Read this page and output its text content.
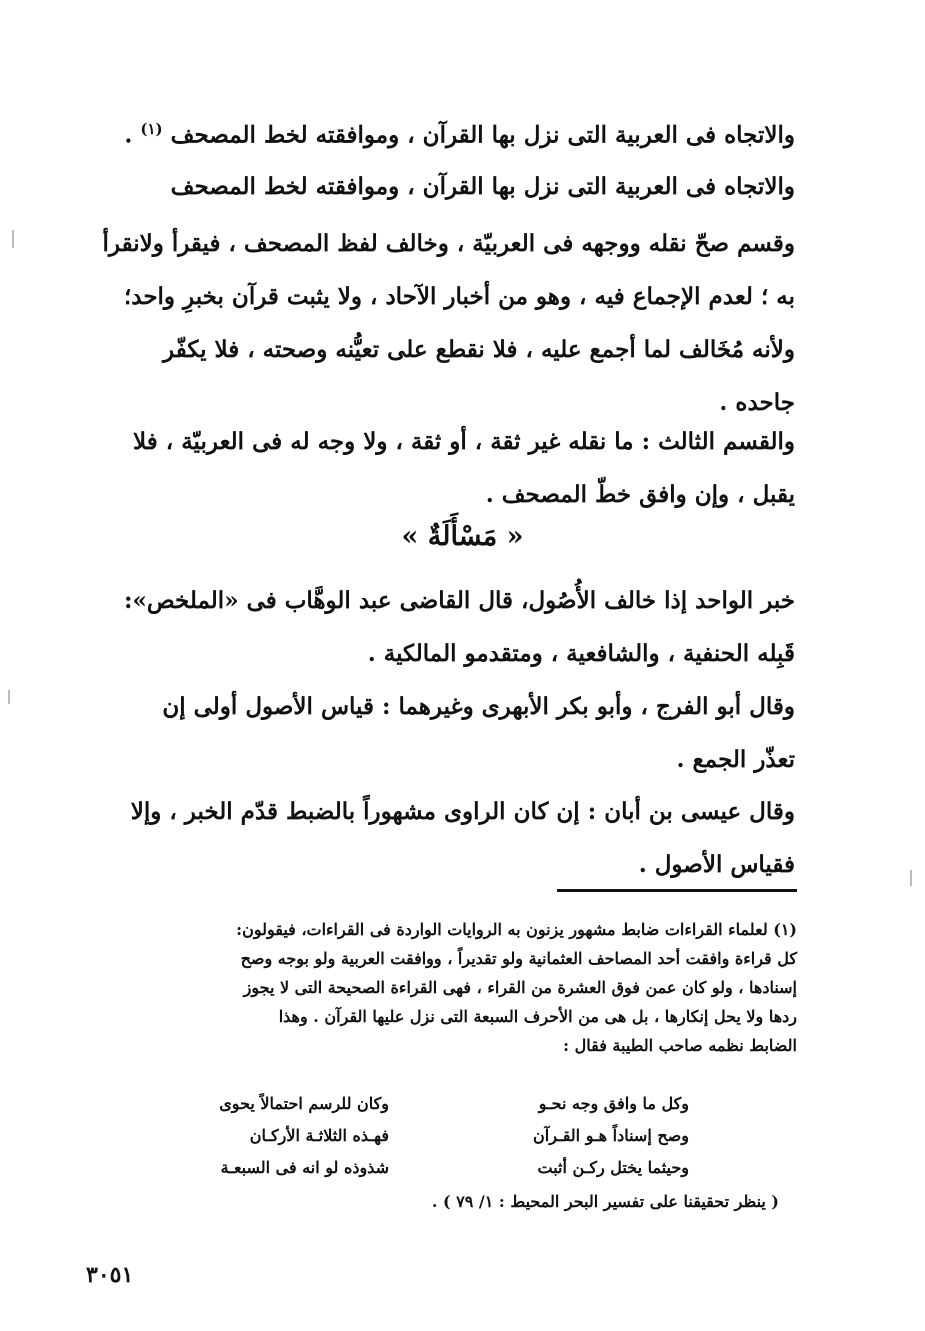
والاتجاه فى العربية التى نزل بها القرآن ، وموافقته لخط المصحف $^{(١)}$ .
والاتجاه فى العربية التى نزل بها القرآن ، وموافقته لخط المصحف
وقسم صحّ نقله ووجهه فى العربيّة ، وخالف لفظ المصحف ، فيقرأ ولانقرأ
به ؛ لعدم الإجماع فيه ، وهو من أخبار الآحاد ، ولا يثبت قرآن بخبرِ واحد؛
ولأنه مُخَالف لما أجمع عليه ، فلا نقطع على تعيُّنه وصحته ، فلا يكفّر
جاحده .
والقسم الثالث : ما نقله غير ثقة ، أو ثقة ، ولا وجه له فى العربيّة ، فلا
يقبل ، وإن وافق خطّ المصحف .
« مَسْأَلَةٌ »
خبر الواحد إذا خالف الأُصُول، قال القاضى عبد الوهَّاب فى «الملخص»:
قَبِله الحنفية ، والشافعية ، ومتقدمو المالكية .
وقال أبو الفرج ، وأبو بكر الأبهرى وغيرهما : قياس الأصول أولى إن
تعذّر الجمع .
وقال عيسى بن أبان : إن كان الراوى مشهوراً بالضبط قدّم الخبر ، وإلا
فقياس الأصول .
(١) لعلماء القراءات ضابط مشهور يزنون به الروايات الواردة فى القراءات، فيقولون:
كل قراءة وافقت أحد المصاحف العثمانية ولو تقديراً ، ووافقت العربية ولو بوجه وصح
إسنادها ، ولو كان عمن فوق العشرة من القراء ، فهى القراءة الصحيحة التى لا يجوز
ردها ولا يحل إنكارها ، بل هى من الأحرف السبعة التى نزل عليها القرآن . وهذا
الضابط نظمه صاحب الطيبة فقال :
وكل ما وافق وجه نحـو
وكان للرسم احتمالاً يحوى
وصح إسناداً هـو القـرآن
فهـذه الثلاثـة الأركـان
وحيثما يختل ركـن أثبت
شذوذه لو انه فى السبعـة
( ينظر تحقيقنا على تفسير البحر المحيط : ١/ ٧٩ ) .
٣٠٥١
